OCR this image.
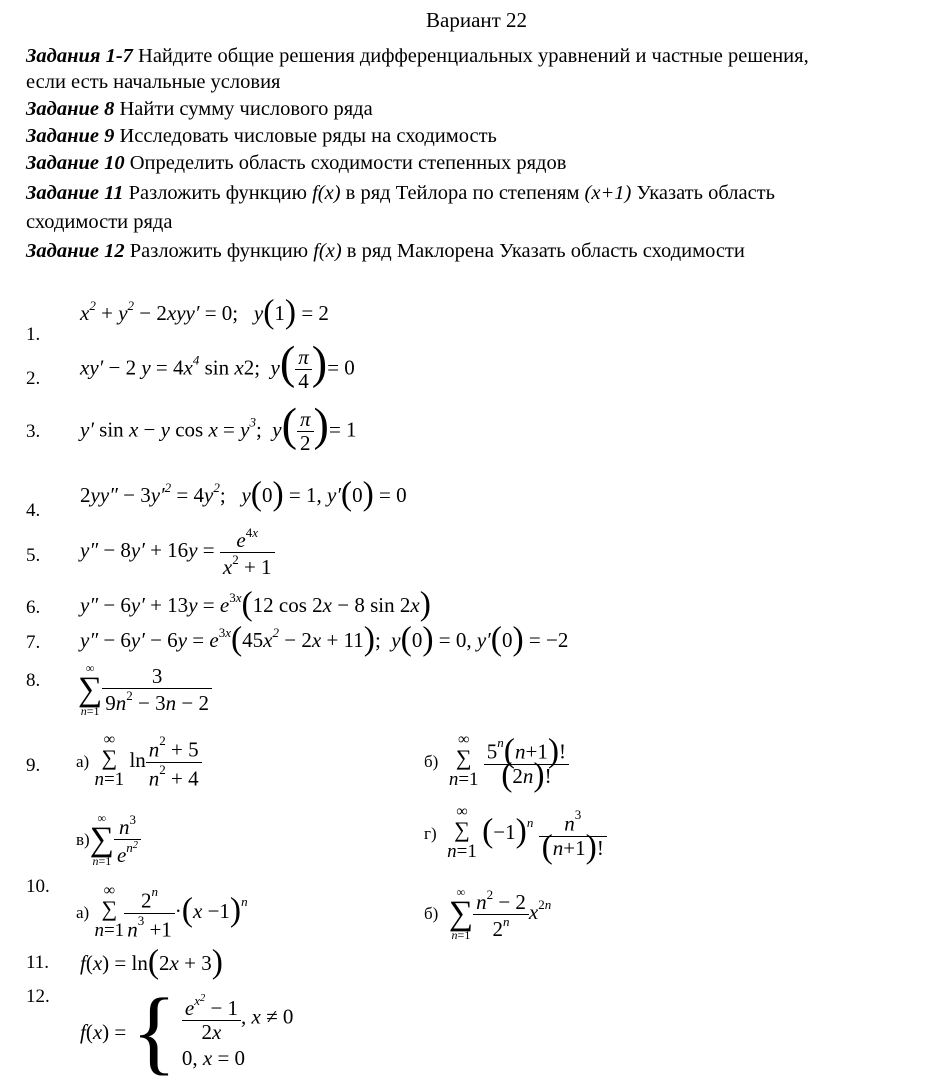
Вариант 22
Задания 1-7 Найдите общие решения дифференциальных уравнений и частные решения,
если есть начальные условия
Задание 8 Найти сумму числового ряда
Задание 9 Исследовать числовые ряды на сходимость
Задание 10 Определить область сходимости степенных рядов
Задание 11 Разложить функцию f(x) в ряд Тейлора по степеням (x+1) Указать область
сходимости ряда
Задание 12 Разложить функцию f(x) в ряд Маклорена Указать область сходимости
1.
2.
3.
4.
5.
6.
7.
8.
9.
10.
11.
12.
$x^2 + y^2 - 2xyy' = 0$;   y(1) = 2
xy′ − 2 $y = 4x^4$ sin x2;  $y( \frac{\pi}{4}$ )= 0
y′ sin x − y $\cos x = y^3$;  $y( \frac{\pi}{2}$ )= 1
$2yy'' - 3y'^2 = 4y^2$;   y(0) = 1, y′(0) = 0
$y'' - 8y' + 16y = \frac{e^{4x}}{x^2 + 1}$
$y'' - 6y' + 13y = e^{3x}(12$ cos 2x − 8 sin 2x)
$y'' - 6y' - 6y = e^{3x}(45x^2 - 2x + 11)$;  y(0) = 0, y′(0) = −2
∞
∑
$n=1 \frac{3}{9n^2 - 3n - 2}$
а)
∞
∑
n=1
$\ln \frac{n^2 + 5}{n^2 + 4}$	б)
∞
∑
n=1
$\frac{5^n(n+1)!}{(2n)!}$
в)
∞
∑
$n=1 \frac{n^3}{e^{n^2}}$	г)
∞
∑
n=1
$(-1)^n \frac{n^3}{(n+1)!}$
а)
∞
∑
$n=1 \frac{2^n}{n^3 +1} \cdot(x -1)^n$
б)
∞
∑
$n=1 \frac{n^2 - 2}{2^n} x^{2n}$
f(x) = ln(2x + 3)
f(x) = { $\frac{e^{x^2} - 1}{2x}$ , x ≠ 0
0, x = 0
